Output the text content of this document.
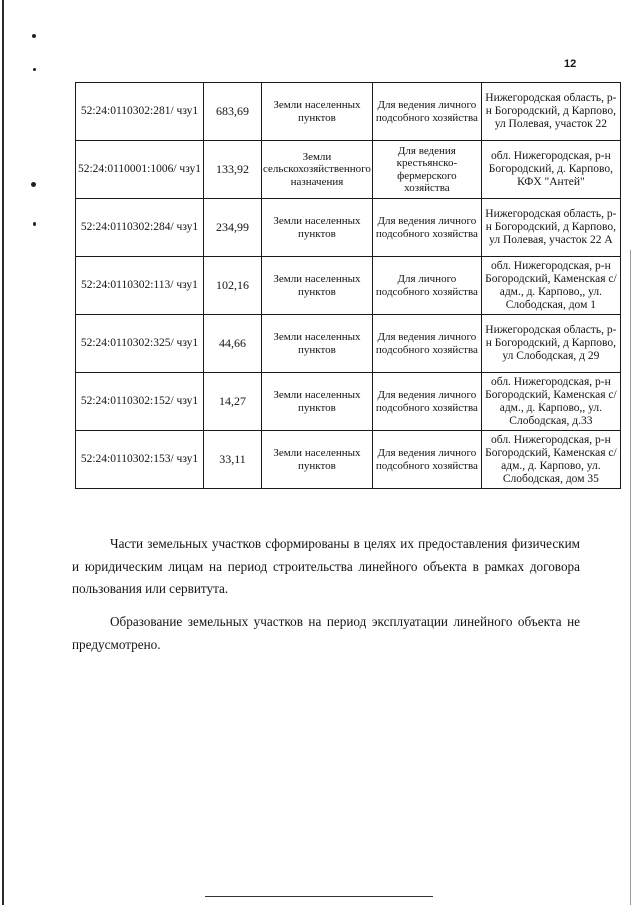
12
52:24:0110302:281/ чзу1	683,69	Земли населенных пунктов	Для ведения личного подсобного хозяйства	Нижегородская область, р-н Богородский, д Карпово, ул Полевая, участок 22
52:24:0110001:1006/ чзу1	133,92	Земли сельскохозяйственного назначения	Для ведения крестьянско-фермерского хозяйства	обл. Нижегородская, р-н Богородский, д. Карпово, КФХ "Антей"
52:24:0110302:284/ чзу1	234,99	Земли населенных пунктов	Для ведения личного подсобного хозяйства	Нижегородская область, р-н Богородский, д Карпово, ул Полевая, участок 22 А
52:24:0110302:113/ чзу1	102,16	Земли населенных пунктов	Для личного подсобного хозяйства	обл. Нижегородская, р-н Богородский, Каменская с/адм., д. Карпово,, ул. Слободская, дом 1
52:24:0110302:325/ чзу1	44,66	Земли населенных пунктов	Для ведения личного подсобного хозяйства	Нижегородская область, р-н Богородский, д Карпово, ул Слободская, д 29
52:24:0110302:152/ чзу1	14,27	Земли населенных пунктов	Для ведения личного подсобного хозяйства	обл. Нижегородская, р-н Богородский, Каменская с/адм., д. Карпово,, ул. Слободская, д.33
52:24:0110302:153/ чзу1	33,11	Земли населенных пунктов	Для ведения личного подсобного хозяйства	обл. Нижегородская, р-н Богородский, Каменская с/адм., д. Карпово, ул. Слободская, дом 35

Части земельных участков сформированы в целях их предоставления физическим и юридическим лицам на период строительства линейного объекта в рамках договора пользования или сервитута.

Образование земельных участков на период эксплуатации линейного объекта не предусмотрено.
